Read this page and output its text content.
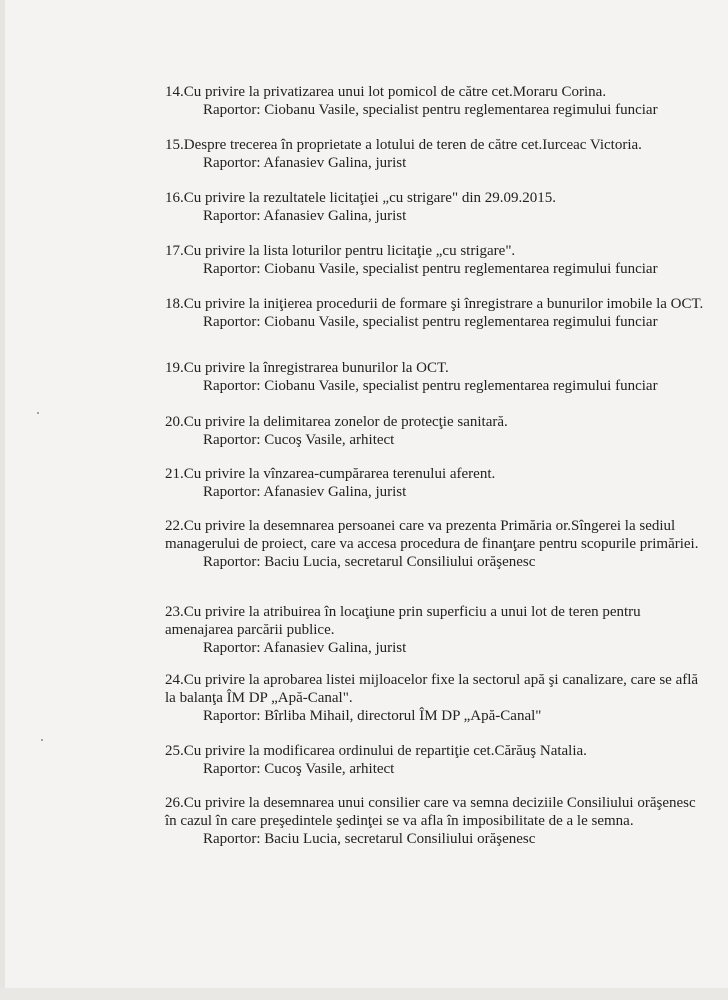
14.Cu privire la privatizarea unui lot pomicol de către cet.Moraru Corina.
Raportor: Ciobanu Vasile, specialist pentru reglementarea regimului funciar
15.Despre trecerea în proprietate a lotului de teren de către cet.Iurceac Victoria.
Raportor: Afanasiev Galina, jurist
16.Cu privire la rezultatele licitaţiei „cu strigare" din 29.09.2015.
Raportor: Afanasiev Galina, jurist
17.Cu privire la lista loturilor pentru licitaţie „cu strigare".
Raportor: Ciobanu Vasile, specialist pentru reglementarea regimului funciar
18.Cu privire la iniţierea procedurii de formare şi înregistrare a bunurilor imobile la OCT.
Raportor: Ciobanu Vasile, specialist pentru reglementarea regimului funciar
19.Cu privire la înregistrarea bunurilor la OCT.
Raportor: Ciobanu Vasile, specialist pentru reglementarea regimului funciar
20.Cu privire la delimitarea zonelor de protecţie sanitară.
Raportor: Cucoş Vasile, arhitect
21.Cu privire la vînzarea-cumpărarea terenului aferent.
Raportor: Afanasiev Galina, jurist
22.Cu privire la desemnarea persoanei care va prezenta Primăria or.Sîngerei la sediul managerului de proiect, care va accesa procedura de finanţare pentru scopurile primăriei.
Raportor: Baciu Lucia, secretarul Consiliului orăşenesc
23.Cu privire la atribuirea în locaţiune prin superficiu a unui lot de teren pentru amenajarea parcării publice.
Raportor: Afanasiev Galina, jurist
24.Cu privire la aprobarea listei mijloacelor fixe la sectorul apă şi canalizare, care se află la balanţa ÎM DP „Apă-Canal".
Raportor: Bîrliba Mihail, directorul ÎM DP „Apă-Canal"
25.Cu privire la modificarea ordinului de repartiţie cet.Cărăuş Natalia.
Raportor: Cucoş Vasile, arhitect
26.Cu privire la desemnarea unui consilier care va semna deciziile Consiliului orăşenesc în cazul în care preşedintele şedinţei se va afla în imposibilitate de a le semna.
Raportor: Baciu Lucia, secretarul Consiliului orăşenesc
